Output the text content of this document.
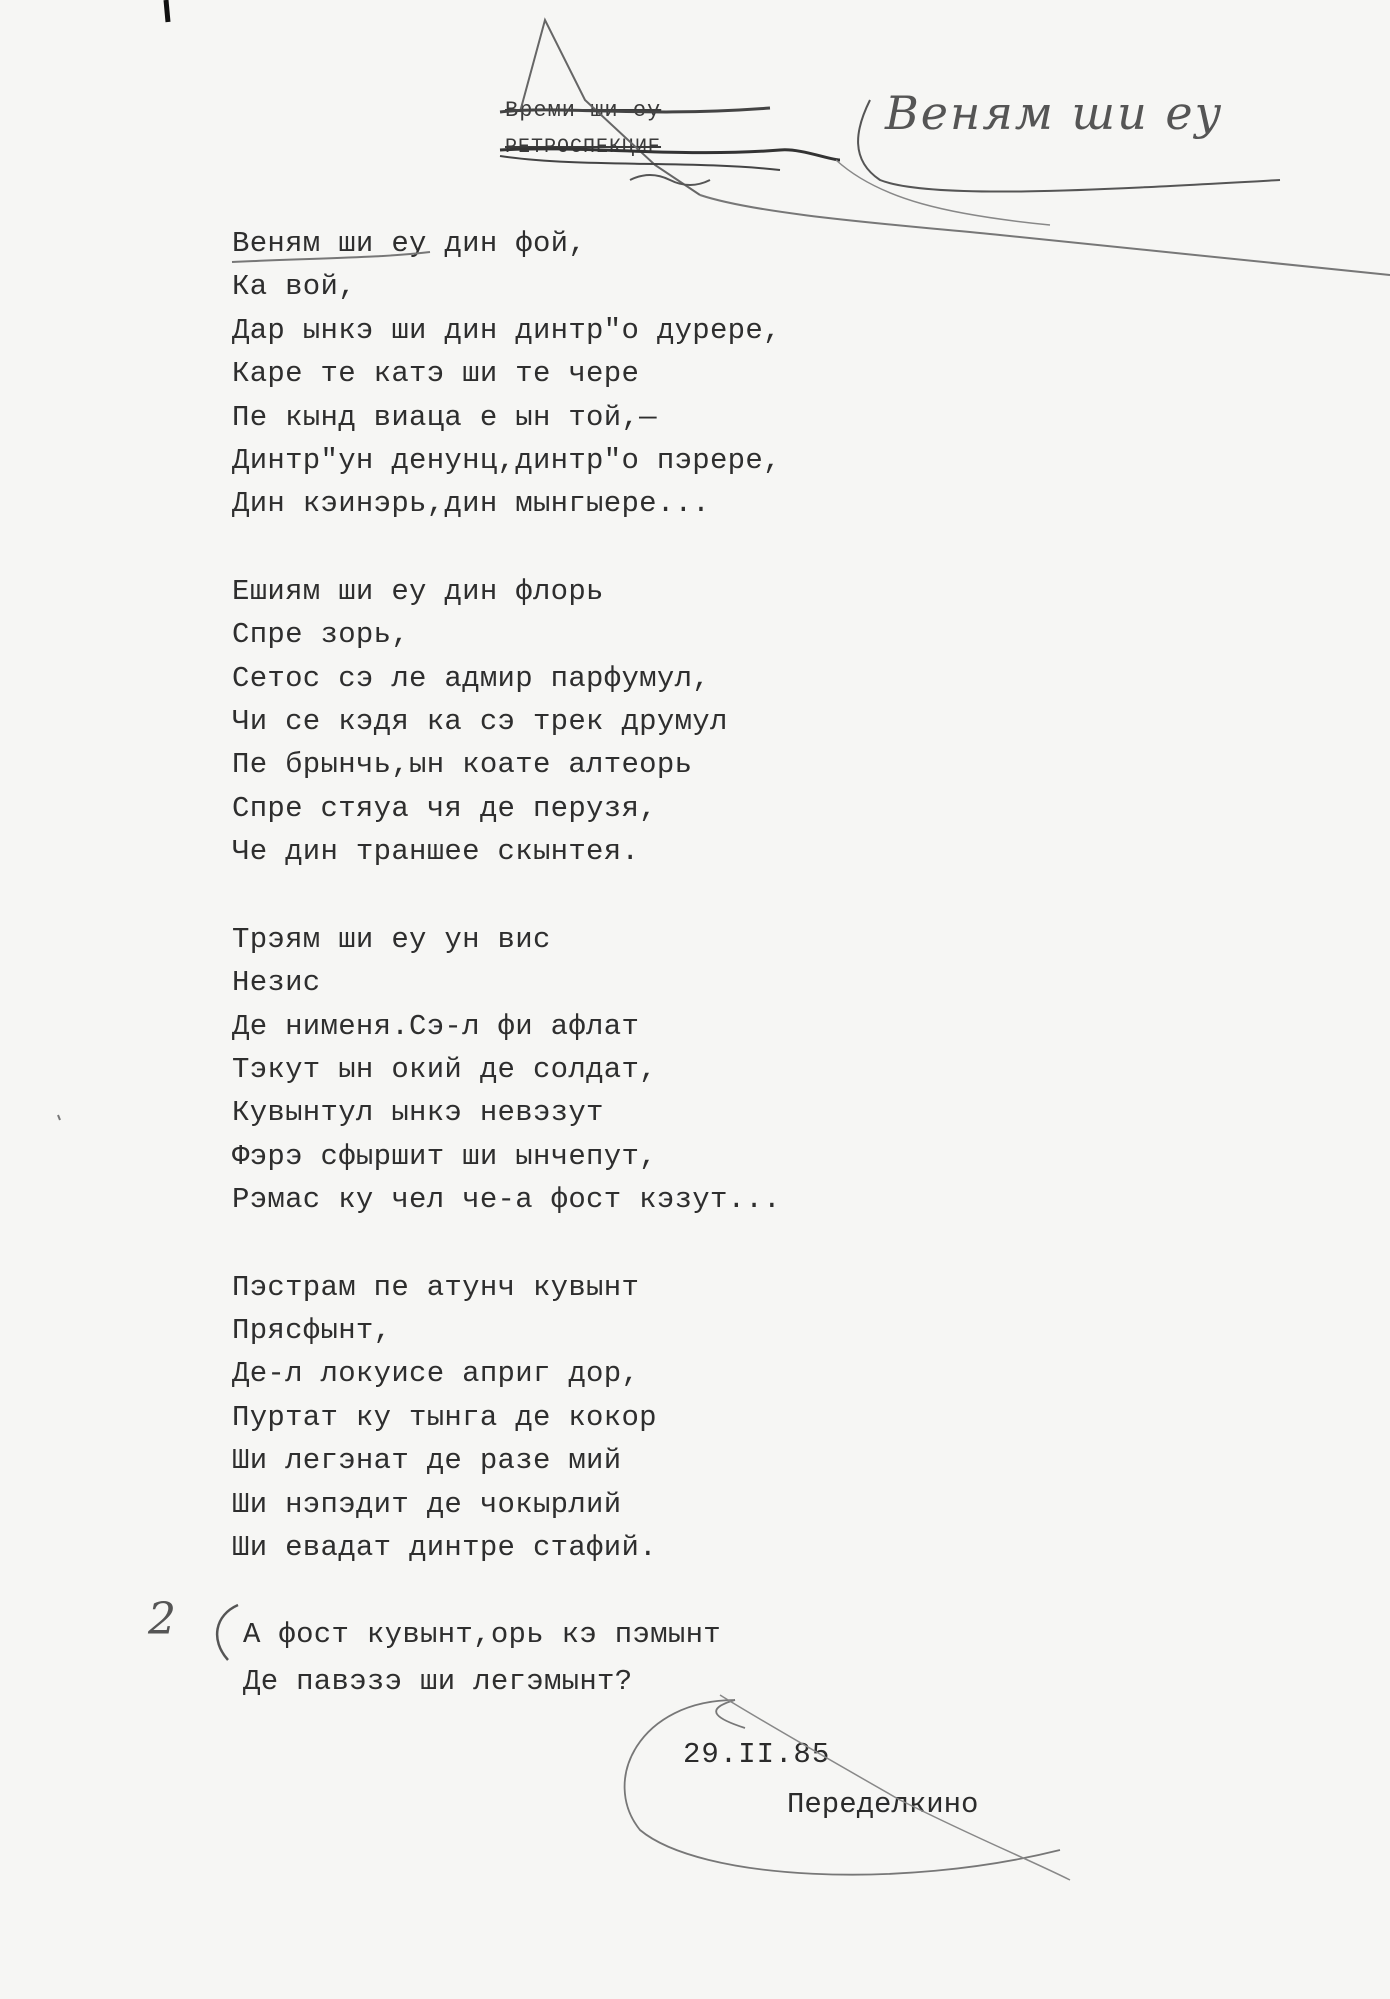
Времи ши еу
РЕТРОСПЕКЦИЕ
Веням ши еу
Веням ши еу дин фой,
Ка вой,
Дар ынкэ ши дин динтр"о дурере,
Каре те катэ ши те чере
Пе кынд виаца е ын той,—
Динтр"ун денунц,динтр"о пэрере,
Дин кэинэрь,дин мынгыере...
Ешиям ши еу дин флорь
Спре зорь,
Сетос сэ ле адмир парфумул,
Чи се кэдя ка сэ трек друмул
Пе брынчь,ын коате алтеорь
Спре стяуа чя де перузя,
Че дин траншее скынтея.
Трэям ши еу ун вис
Незис
Де нименя.Сэ-л фи афлат
Тэкут ын окий де солдат,
Кувынтул ынкэ невэзут
Фэрэ сфыршит ши ынчепут,
Рэмас ку чел че-а фост кэзут...
Пэстрам пе атунч кувынт
Прясфынт,
Де-л локуисе априг дор,
Пуртат ку тынга де кокор
Ши легэнат де разе мий
Ши нэпэдит де чокырлий
Ши евадат динтре стафий.
2 А фост кувынт,орь кэ пэмынт
Де павэзэ ши легэмынт?
29.II.85
Переделкино
